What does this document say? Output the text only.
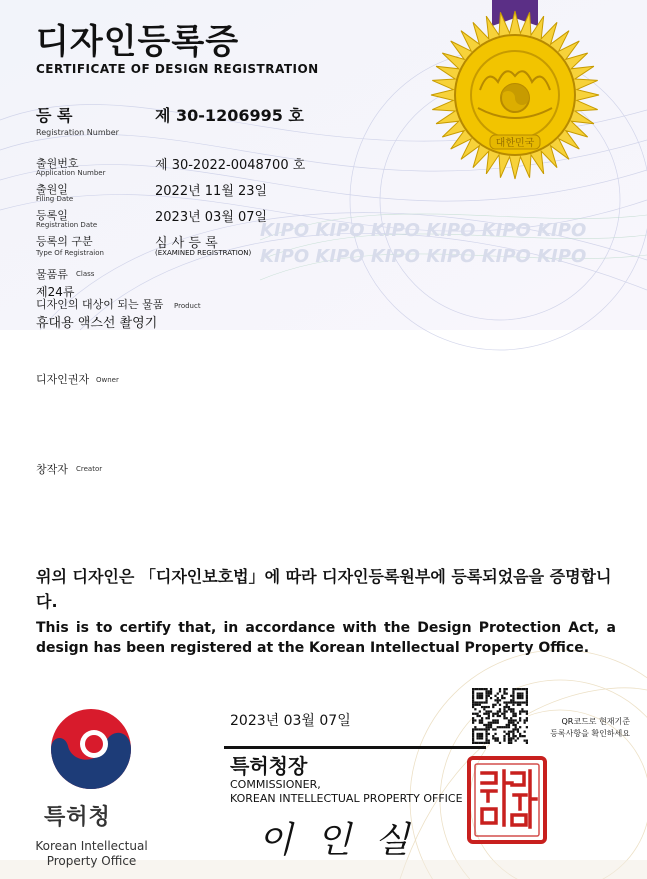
KIPO KIPO KIPO KIPO KIPO KIPO KIPO KIPO KIPO KIPO KIPO KIPO
대한민국
디자인등록증
CERTIFICATE OF DESIGN REGISTRATION
등 록
Registration Number
제 30-1206995 호
출원번호
Application Number	제 30-2022-0048700 호
출원일
Filing Date	2022년 11월 23일
등록일
Registration Date	2023년 03월 07일
등록의 구분
Type Of Registraion
심 사 등 록
(EXAMINED REGISTRATION)
물품류 Class
제24류
디자인의 대상이 되는 물품 Product
휴대용 액스선 촬영기
디자인권자 Owner
창작자 Creator
위의 디자인은 「디자인보호법」에 따라 디자인등록원부에 등록되었음을 증명합니다.
This is to certify that, in accordance with the Design Protection Act, a design has been registered at the Korean Intellectual Property Office.
특허청
Korean Intellectual
Property Office
2023년 03월 07일	QR코드로 현재기준
등록사항을 확인하세요
특허청장
COMMISSIONER,
KOREAN INTELLECTUAL PROPERTY OFFICE
이 인 실
